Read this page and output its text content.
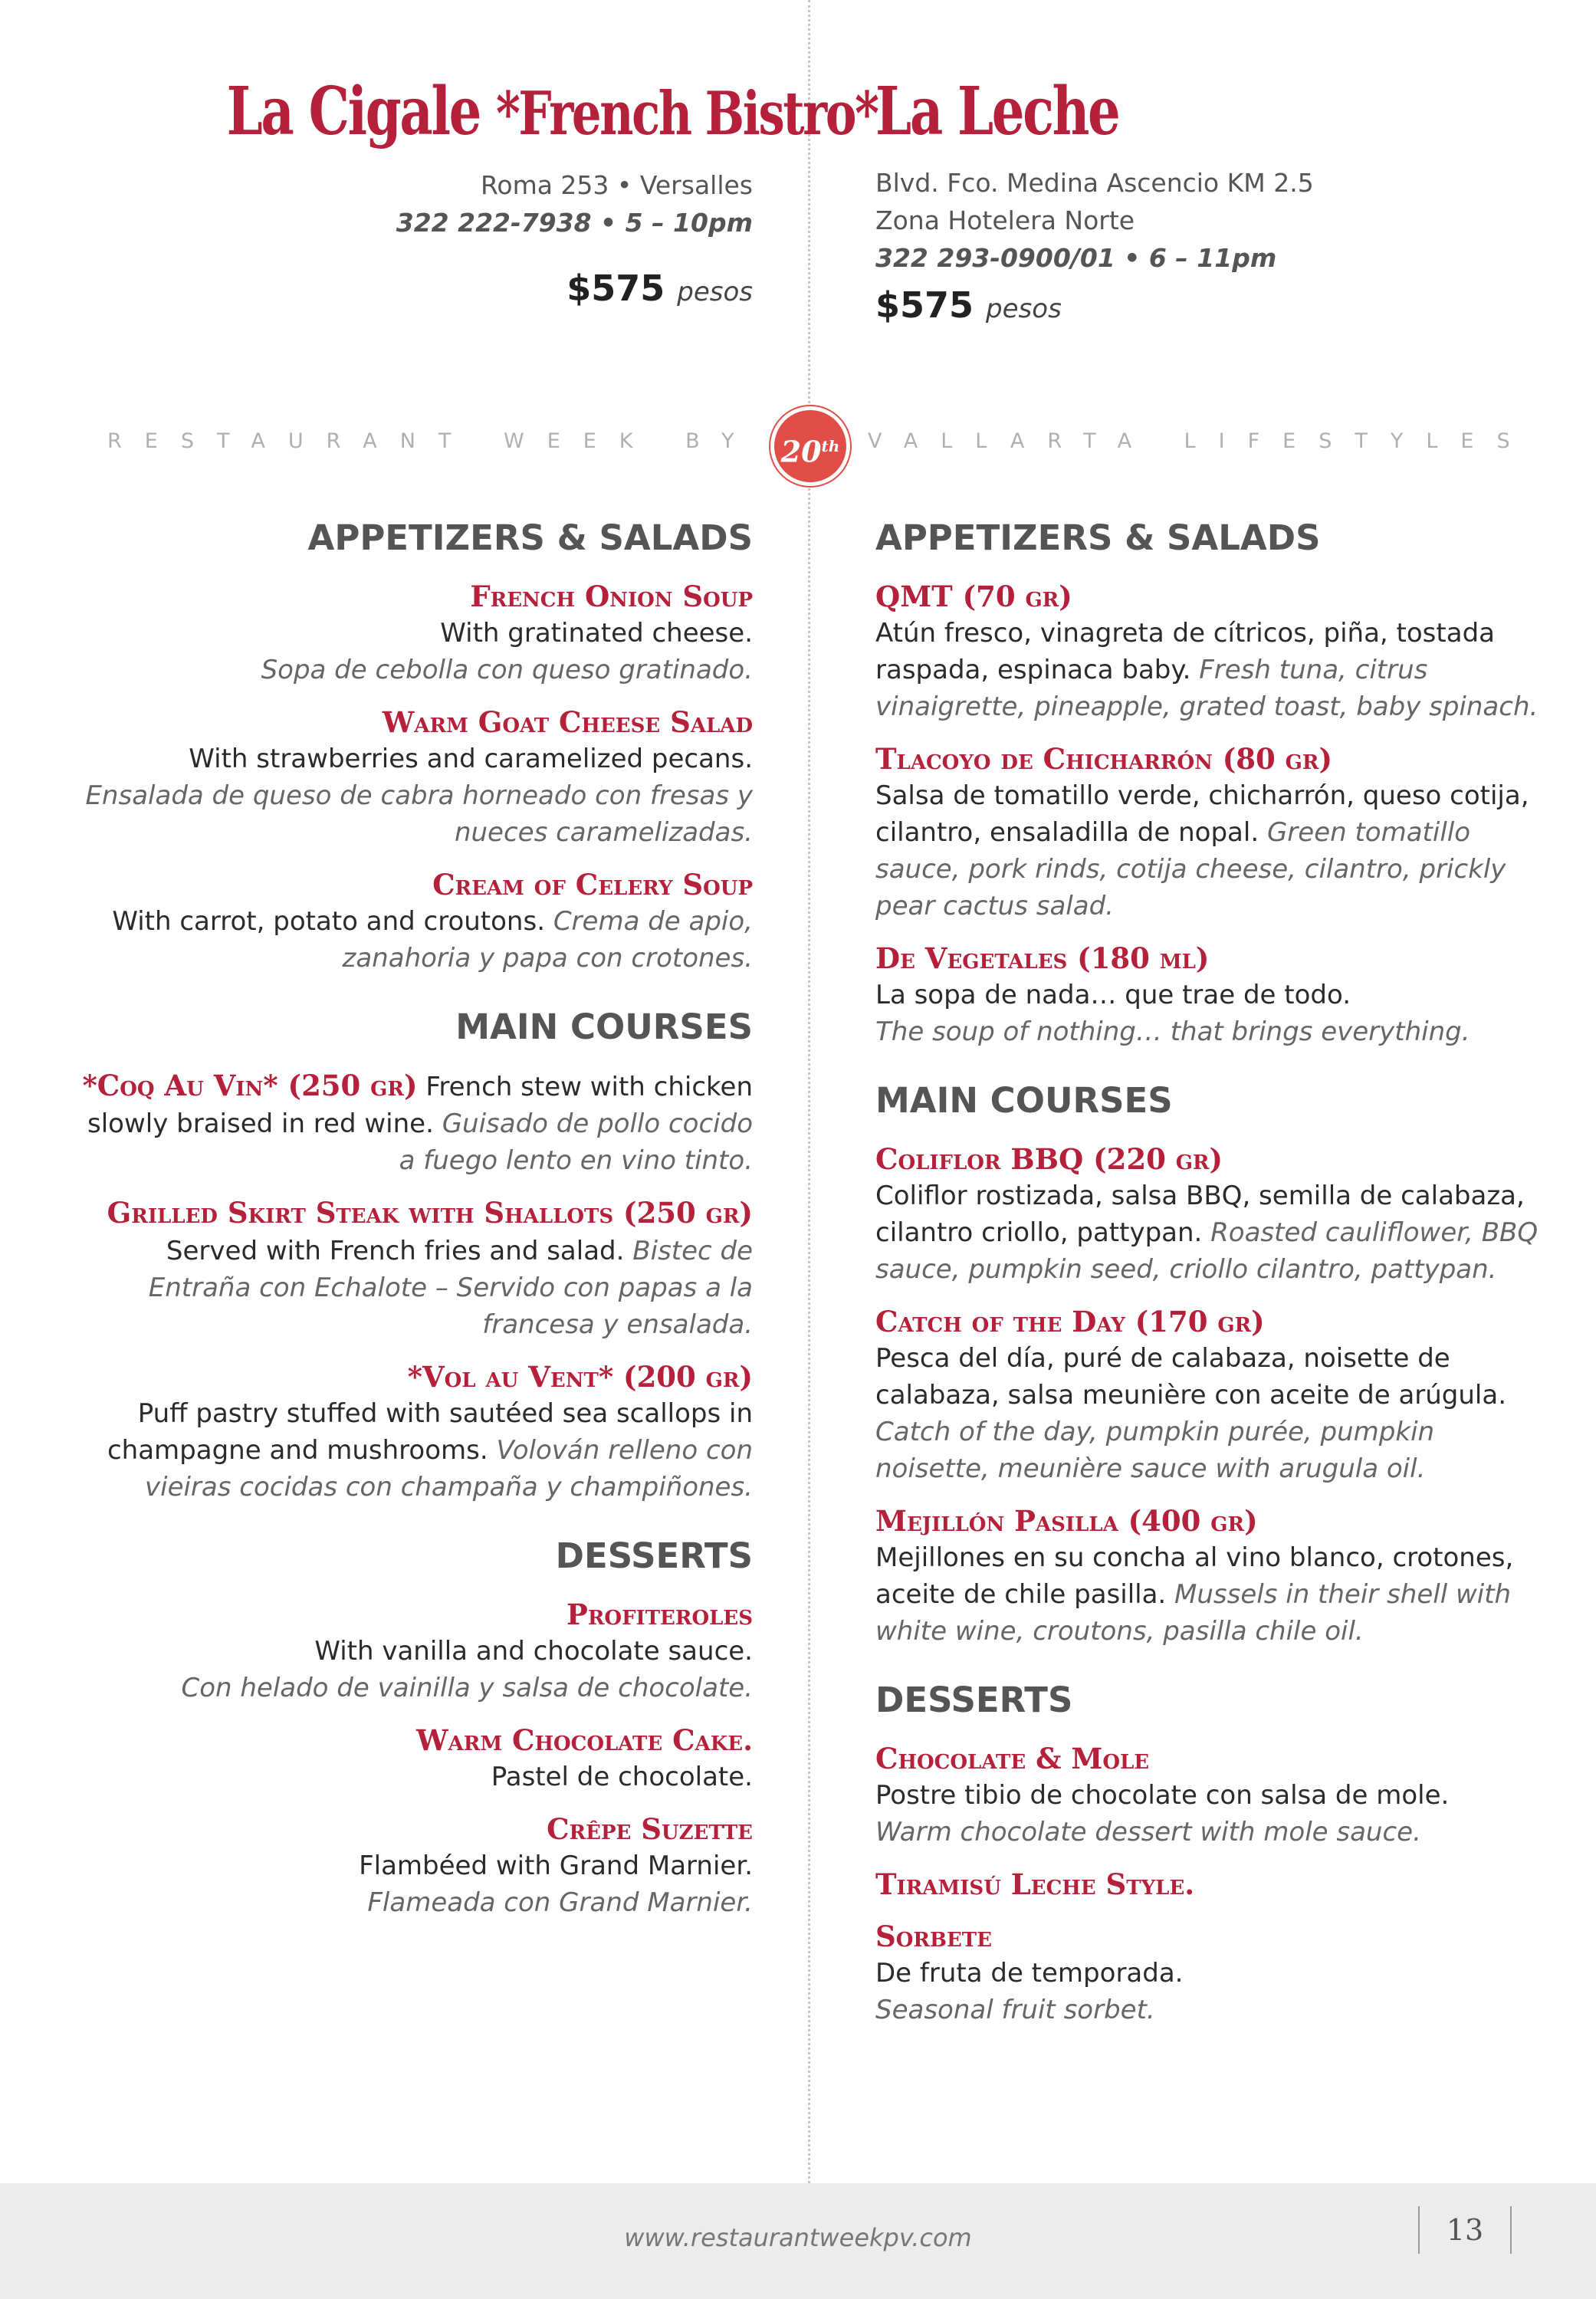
La Cigale *French Bistro*
Roma 253 • Versalles
322 222-7938 • 5 – 10pm
$575 pesos
La Leche
Blvd. Fco. Medina Ascencio KM 2.5
Zona Hotelera Norte
322 293-0900/01 • 6 – 11pm
$575 pesos
RESTAURANT WEEK BY 20th	VALLARTA LIFESTYLES
APPETIZERS & SALADS
French Onion Soup
With gratinated cheese.
Sopa de cebolla con queso gratinado.
Warm Goat Cheese Salad
With strawberries and caramelized pecans.
Ensalada de queso de cabra horneado con fresas y nueces caramelizadas.
Cream of Celery Soup
With carrot, potato and croutons. Crema de apio, zanahoria y papa con crotones.
MAIN COURSES
*Coq Au Vin* (250 gr) French stew with chicken slowly braised in red wine. Guisado de pollo cocido a fuego lento en vino tinto.
Grilled Skirt Steak with Shallots (250 gr) Served with French fries and salad. Bistec de Entraña con Echalote – Servido con papas a la francesa y ensalada.
*Vol au Vent* (200 gr)
Puff pastry stuffed with sautéed sea scallops in champagne and mushrooms. Volován relleno con vieiras cocidas con champaña y champiñones.
DESSERTS
Profiteroles
With vanilla and chocolate sauce.
Con helado de vainilla y salsa de chocolate.
Warm Chocolate Cake.
Pastel de chocolate.
Crêpe Suzette
Flambéed with Grand Marnier.
Flameada con Grand Marnier.
APPETIZERS & SALADS
QMT (70 gr)
Atún fresco, vinagreta de cítricos, piña, tostada raspada, espinaca baby. Fresh tuna, citrus vinaigrette, pineapple, grated toast, baby spinach.
Tlacoyo de Chicharrón (80 gr)
Salsa de tomatillo verde, chicharrón, queso cotija, cilantro, ensaladilla de nopal. Green tomatillo sauce, pork rinds, cotija cheese, cilantro, prickly pear cactus salad.
De Vegetales (180 ml)
La sopa de nada… que trae de todo.
The soup of nothing… that brings everything.
MAIN COURSES
Coliflor BBQ (220 gr)
Coliflor rostizada, salsa BBQ, semilla de calabaza, cilantro criollo, pattypan. Roasted cauliflower, BBQ sauce, pumpkin seed, criollo cilantro, pattypan.
Catch of the Day (170 gr)
Pesca del día, puré de calabaza, noisette de calabaza, salsa meunière con aceite de arúgula.
Catch of the day, pumpkin purée, pumpkin noisette, meunière sauce with arugula oil.
Mejillón Pasilla (400 gr)
Mejillones en su concha al vino blanco, crotones, aceite de chile pasilla. Mussels in their shell with white wine, croutons, pasilla chile oil.
DESSERTS
Chocolate & Mole
Postre tibio de chocolate con salsa de mole.
Warm chocolate dessert with mole sauce.
Tiramisú Leche Style.
Sorbete
De fruta de temporada.
Seasonal fruit sorbet.
www.restaurantweekpv.com	13
